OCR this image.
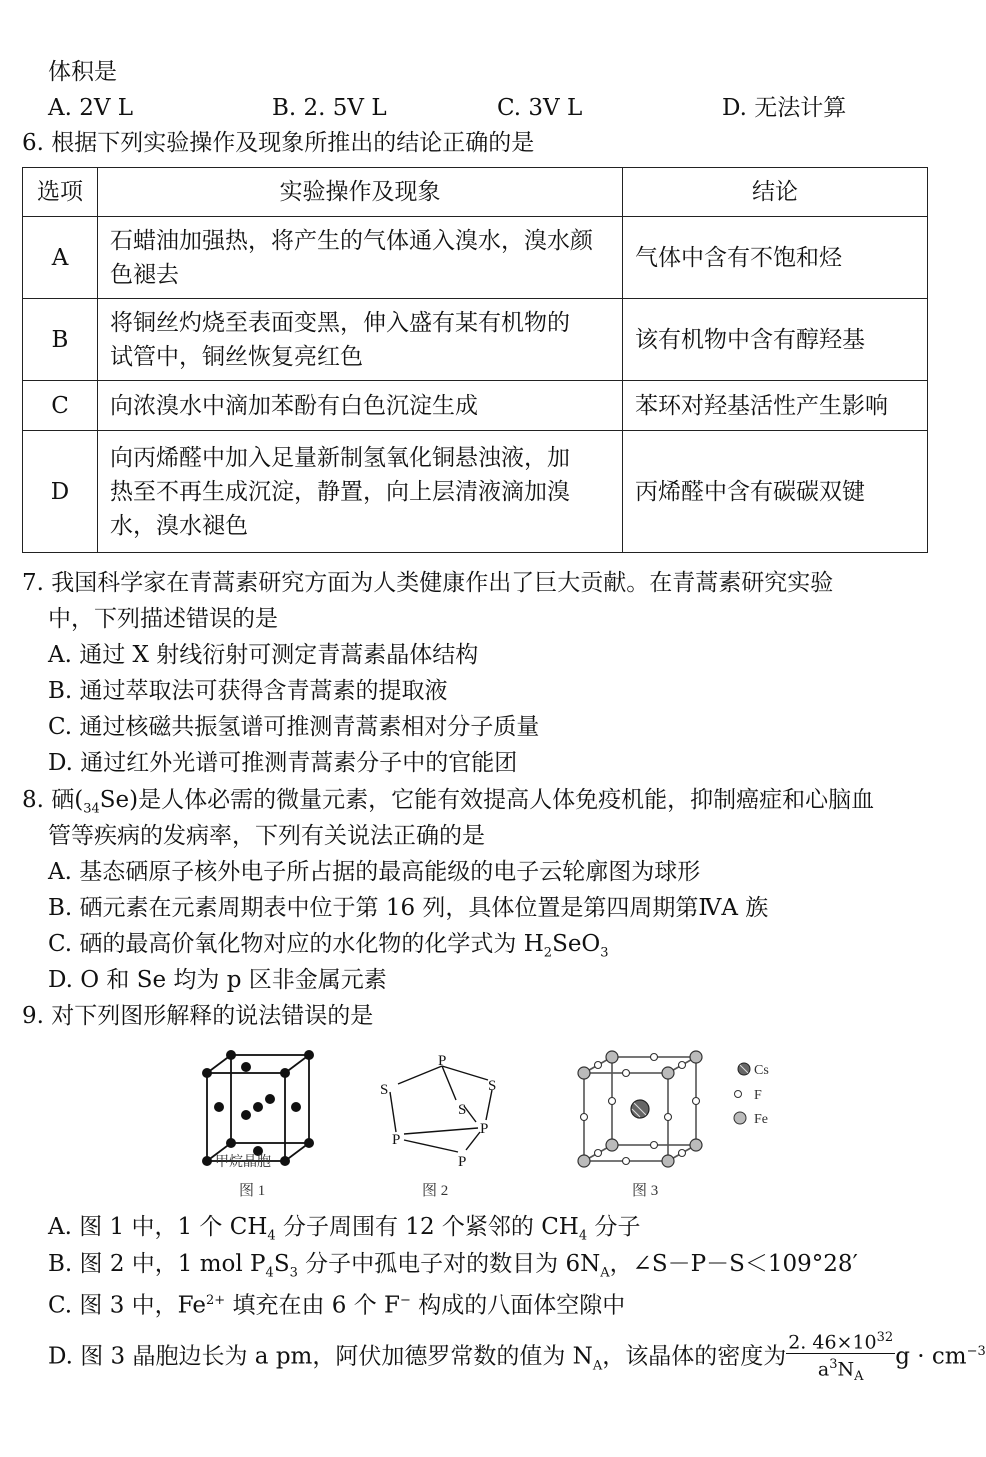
体积是
A. 2V L	B. 2. 5V L	C. 3V L	D. 无法计算
6. 根据下列实验操作及现象所推出的结论正确的是
选项	实验操作及现象	结论
A	石蜡油加强热，将产生的气体通入溴水，溴水颜
色褪去	气体中含有不饱和烃
B	将铜丝灼烧至表面变黑，伸入盛有某有机物的
试管中，铜丝恢复亮红色	该有机物中含有醇羟基
C	向浓溴水中滴加苯酚有白色沉淀生成	苯环对羟基活性产生影响
D	向丙烯醛中加入足量新制氢氧化铜悬浊液，加
热至不再生成沉淀，静置，向上层清液滴加溴
水，溴水褪色	丙烯醛中含有碳碳双键
7. 我国科学家在青蒿素研究方面为人类健康作出了巨大贡献。在青蒿素研究实验
中，下列描述错误的是
A. 通过 X 射线衍射可测定青蒿素晶体结构
B. 通过萃取法可获得含青蒿素的提取液
C. 通过核磁共振氢谱可推测青蒿素相对分子质量
D. 通过红外光谱可推测青蒿素分子中的官能团
8. 硒$(_{34}Se)$是人体必需的微量元素，它能有效提高人体免疫机能，抑制癌症和心脑血
管等疾病的发病率，下列有关说法正确的是
A. 基态硒原子核外电子所占据的最高能级的电子云轮廓图为球形
B. 硒元素在元素周期表中位于第 16 列，具体位置是第四周期第ⅣA 族
C. 硒的最高价氧化物对应的水化物的化学式为 $H_2SeO_3$
D. O 和 Se 均为 p 区非金属元素
9. 对下列图形解释的说法错误的是
甲烷晶胞
图 1
P
S
S
S
P
P
P
图 2
Cs
F
Fe
图 3
A. 图 1 中，1 个 $CH_4$ 分子周围有 12 个紧邻的 $CH_4$ 分子
B. 图 2 中，1 mol $P_4S_3$ 分子中孤电子对的数目为 $6N_A$，∠S－P－S＜109°28′
C. 图 3 中，$Fe^{2+}$ 填充在由 6 个 F− 构成的八面体空隙中
D. 图 3 晶胞边长为 a pm，阿伏加德罗常数的值为 $N_A$，该晶体的密度为 $\frac{2. 46\times 10^{32}}{a^3N_A}$ $g \cdot cm^{-3}$
